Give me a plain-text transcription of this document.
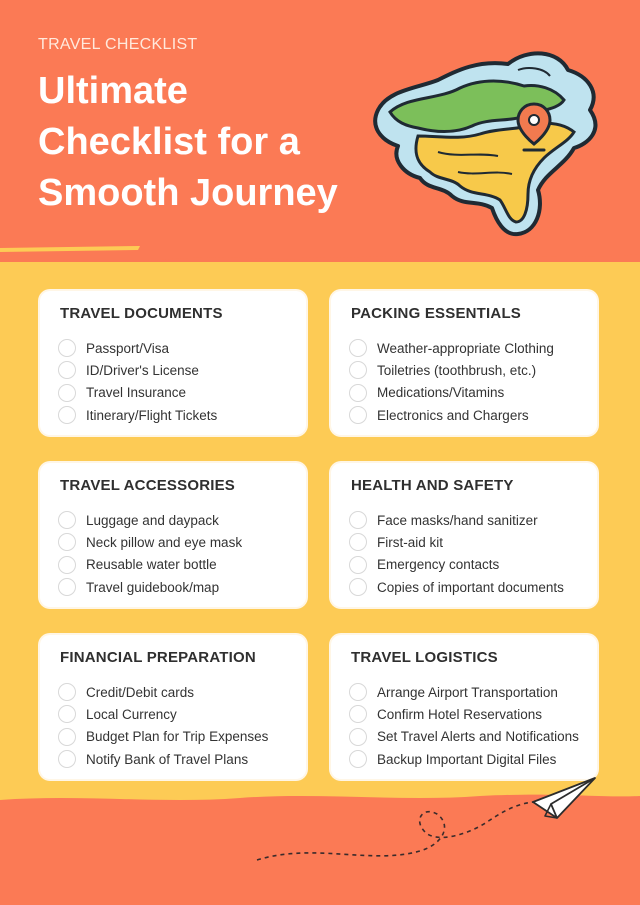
TRAVEL CHECKLIST
Ultimate
Checklist for a
Smooth Journey
TRAVEL DOCUMENTS
Passport/Visa
ID/Driver's License
Travel Insurance
Itinerary/Flight Tickets
PACKING ESSENTIALS
Weather-appropriate Clothing
Toiletries (toothbrush, etc.)
Medications/Vitamins
Electronics and Chargers
TRAVEL ACCESSORIES
Luggage and daypack
Neck pillow and eye mask
Reusable water bottle
Travel guidebook/map
HEALTH AND SAFETY
Face masks/hand sanitizer
First-aid kit
Emergency contacts
Copies of important documents
FINANCIAL PREPARATION
Credit/Debit cards
Local Currency
Budget Plan for Trip Expenses
Notify Bank of Travel Plans
TRAVEL LOGISTICS
Arrange Airport Transportation
Confirm Hotel Reservations
Set Travel Alerts and Notifications
Backup Important Digital Files
